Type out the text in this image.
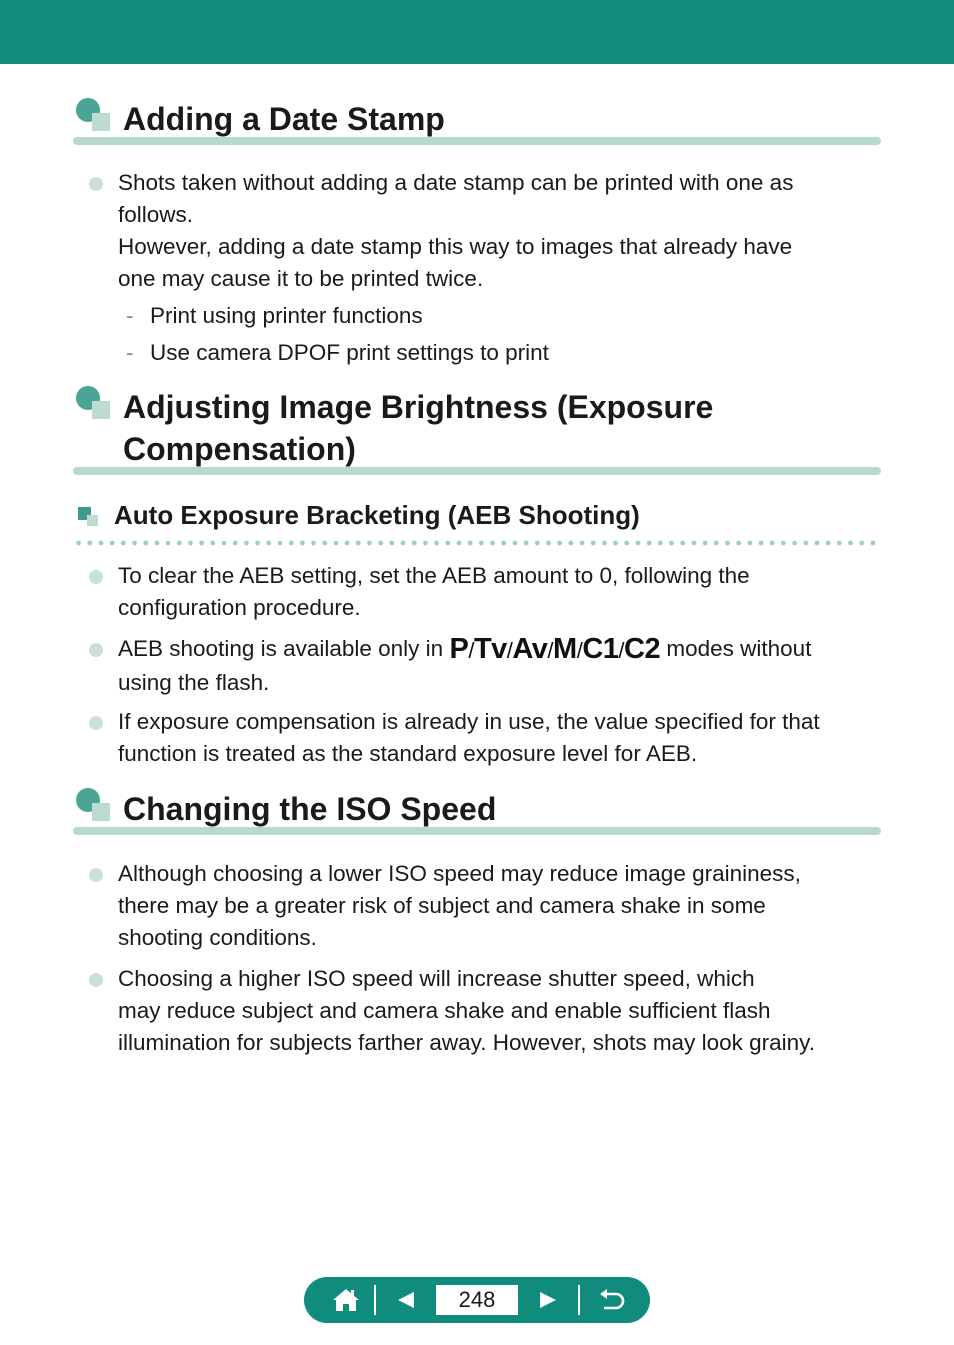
Adding a Date Stamp
Shots taken without adding a date stamp can be printed with one as
follows.
However, adding a date stamp this way to images that already have
one may cause it to be printed twice.
- Print using printer functions
- Use camera DPOF print settings to print
Adjusting Image Brightness (Exposure
Compensation)
Auto Exposure Bracketing (AEB Shooting)
To clear the AEB setting, set the AEB amount to 0, following the
configuration procedure.
AEB shooting is available only in P/Tv/Av/M/C1/C2 modes without
using the flash.
If exposure compensation is already in use, the value specified for that
function is treated as the standard exposure level for AEB.
Changing the ISO Speed
Although choosing a lower ISO speed may reduce image graininess,
there may be a greater risk of subject and camera shake in some
shooting conditions.
Choosing a higher ISO speed will increase shutter speed, which
may reduce subject and camera shake and enable sufficient flash
illumination for subjects farther away. However, shots may look grainy.
248
